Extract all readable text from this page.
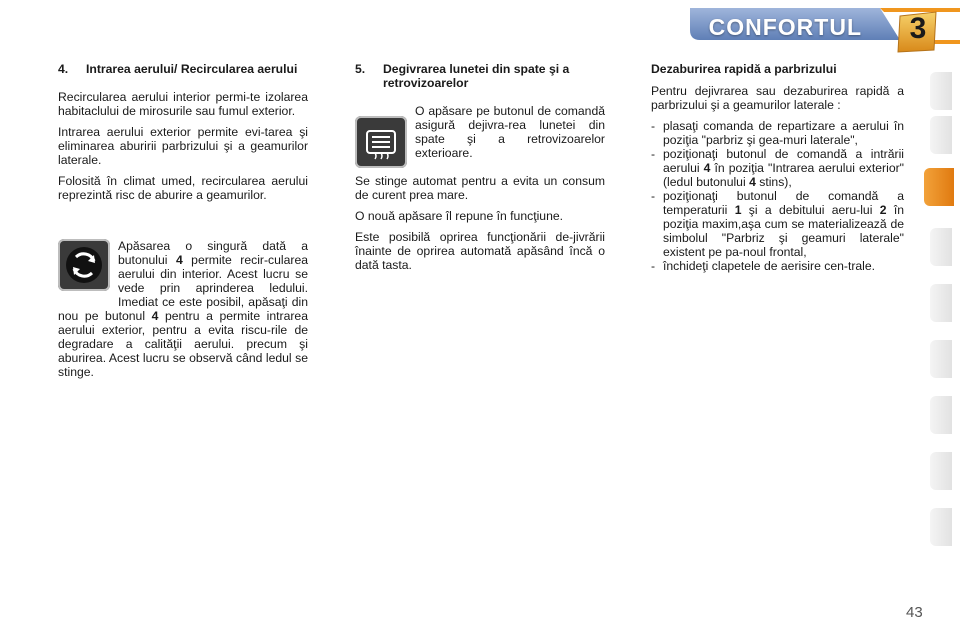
CONFORTUL	3
4.	Intrarea aerului/ Recircularea aerului

Recircularea aerului interior permi-te izolarea habitaclului de mirosurile sau fumul exterior.

Intrarea aerului exterior permite evi-tarea şi eliminarea aburirii parbrizului şi a geamurilor laterale.

Folosită în climat umed, recircularea aerului reprezintă risc de aburire a geamurilor.

Apăsarea o singură dată a butonului 4 permite recir-cularea aerului din interior. Acest lucru se vede prin aprinderea ledului. Imediat ce este posibil, apăsaţi din nou pe butonul 4 pentru a permite intrarea aerului exterior, pentru a evita riscu-rile de degradare a calităţii aerului. precum şi aburirea. Acest lucru se observă când ledul se stinge.

5.	Degivrarea lunetei din spate şi a retrovizoarelor

O apăsare pe butonul de comandă asigură dejivra-rea lunetei din spate şi a retrovizoarelor exterioare.

Se stinge automat pentru a evita un consum de curent prea mare.

O nouă apăsare îl repune în funcţiune.

Este posibilă oprirea funcţionării de-jivrării înainte de oprirea automată apăsând încă o dată tasta.

Dezaburirea rapidă a parbrizului

Pentru dejivrarea sau dezaburirea rapidă a parbrizului şi a geamurilor laterale :

- plasaţi comanda de repartizare a aerului în poziţia "parbriz şi gea-muri laterale",
- poziţionaţi butonul de comandă a intrării aerului 4 în poziţia "Intrarea aerului exterior" (ledul butonului 4 stins),
- poziţionaţi butonul de comandă a temperaturii 1 şi a debitului aeru-lui 2 în poziţia maxim,aşa cum se materializează de simbolul "Parbriz şi geamuri laterale" existent pe pa-noul frontal,
- închideţi clapetele de aerisire cen-trale.
43
